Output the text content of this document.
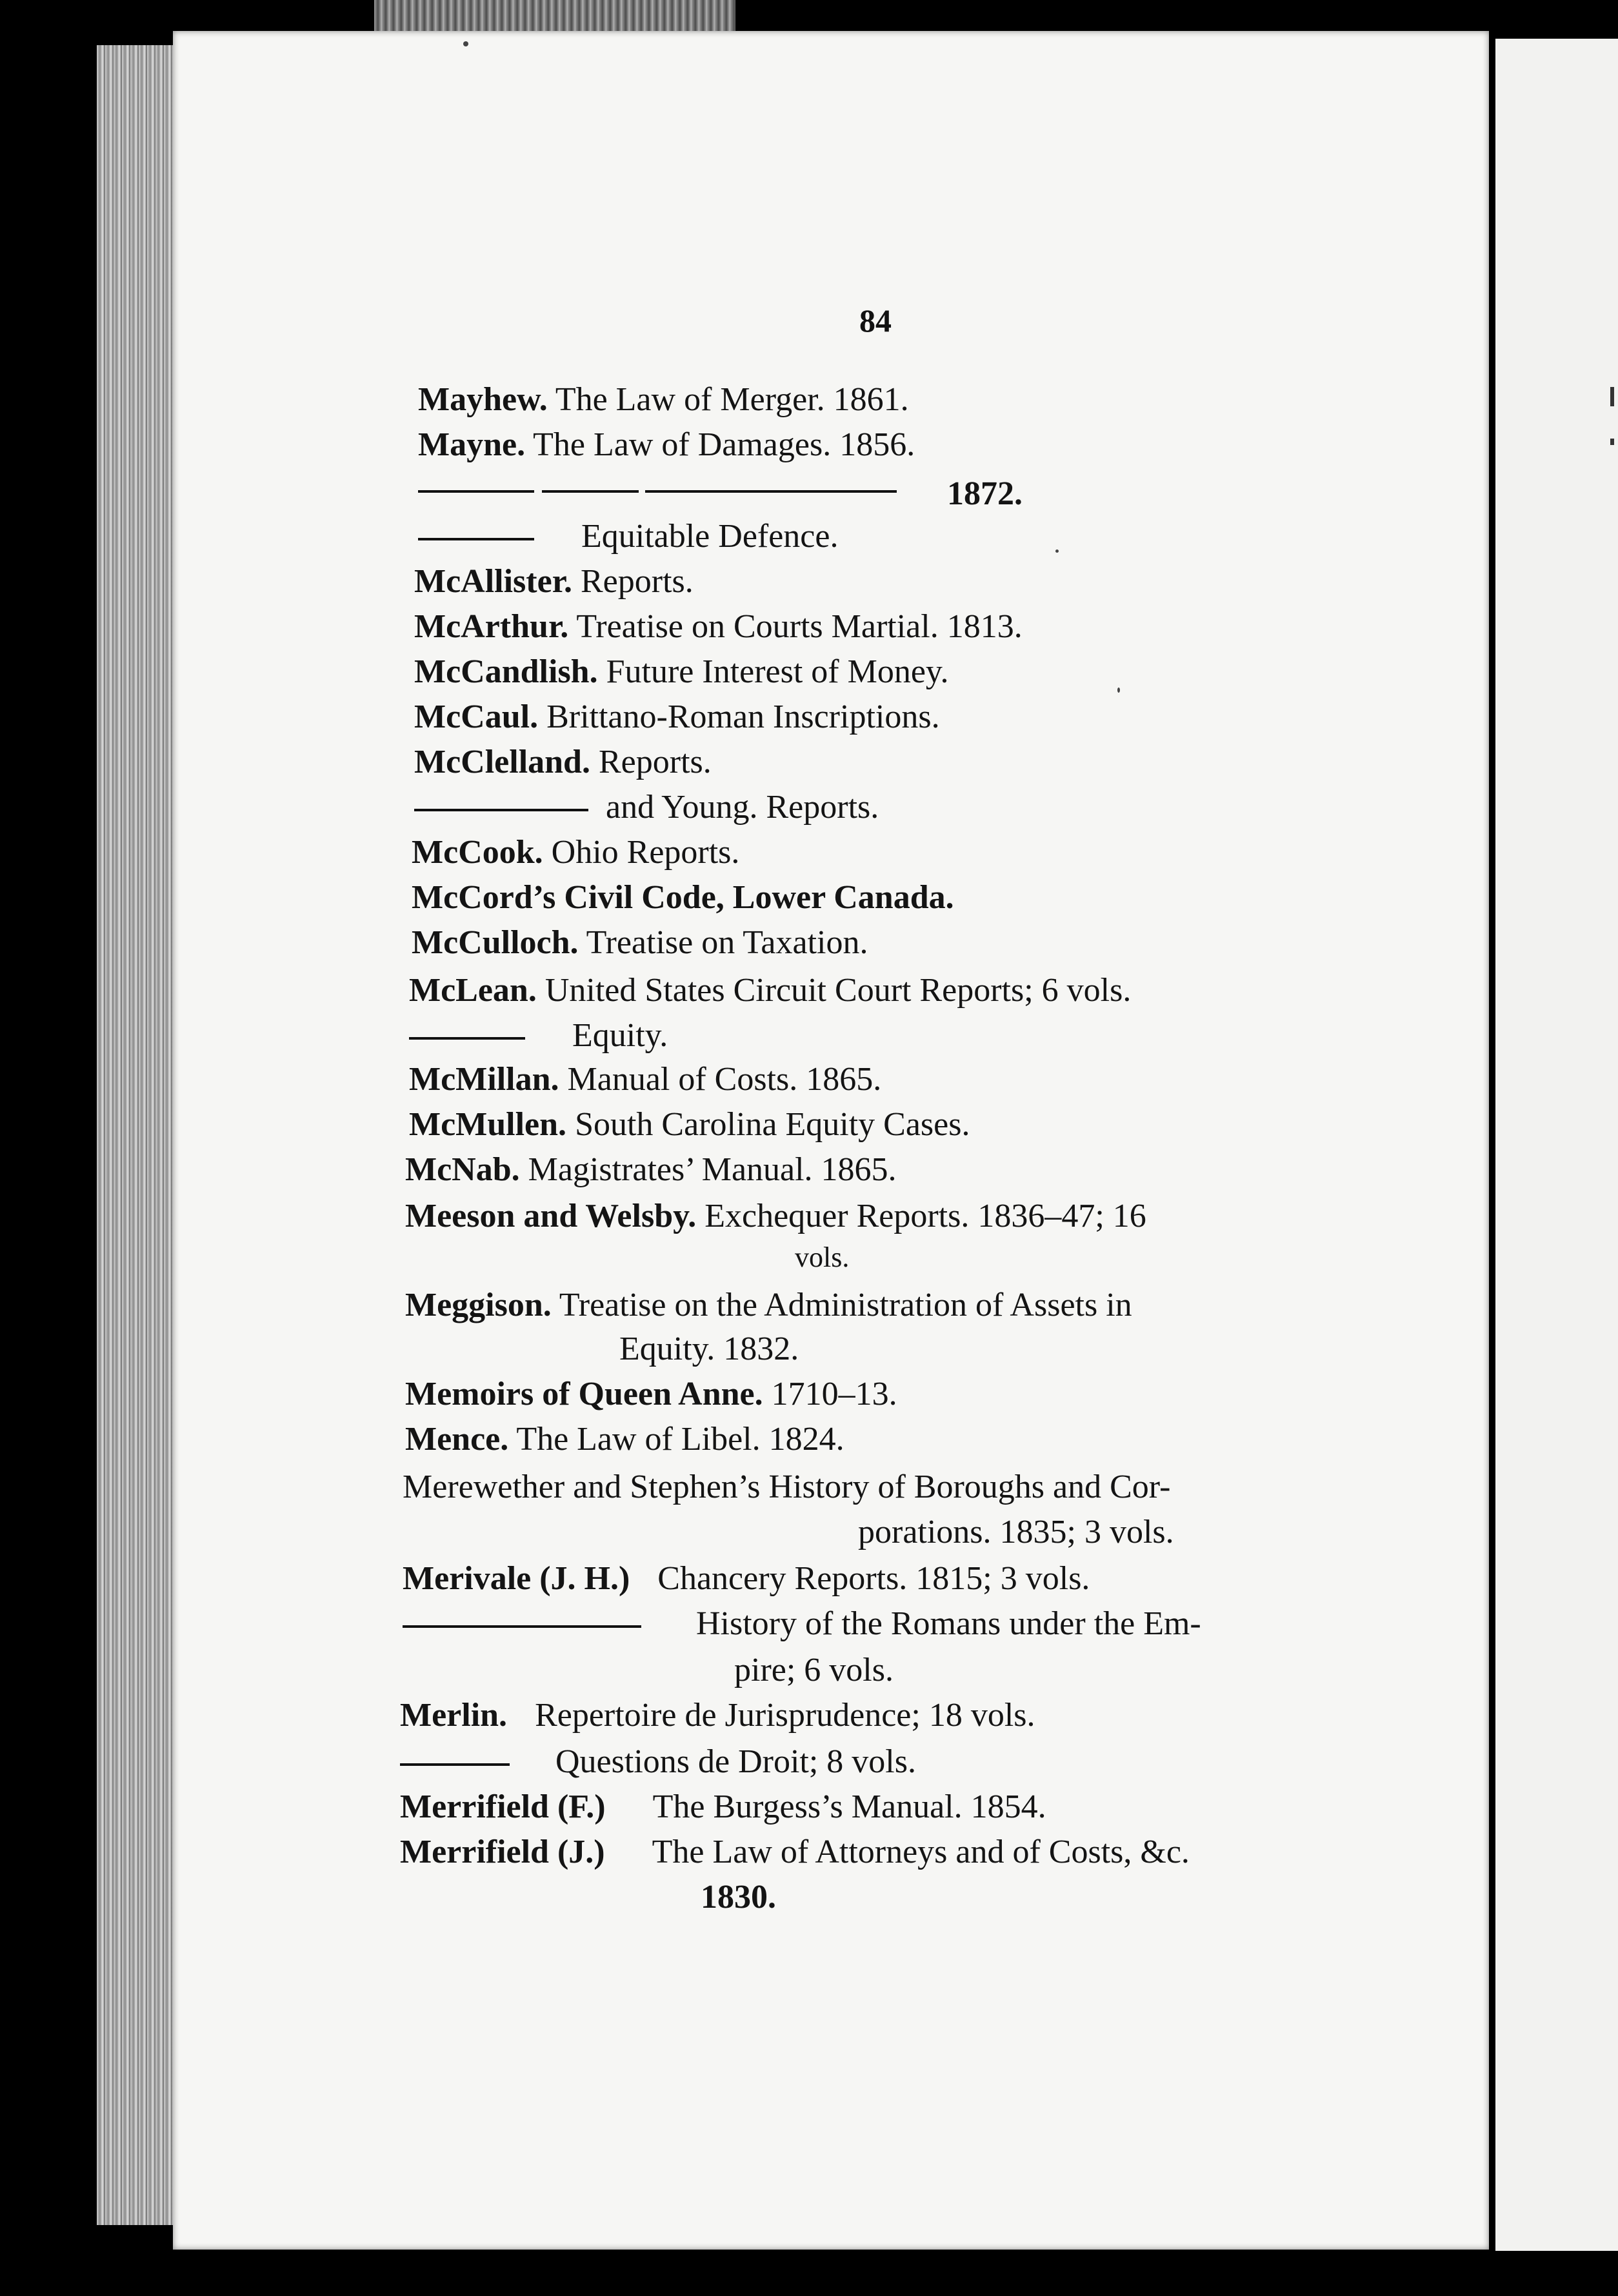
84
Mayhew. The Law of Merger. 1861.
Mayne. The Law of Damages. 1856.
1872.
Equitable Defence.
McAllister. Reports.
McArthur. Treatise on Courts Martial. 1813.
McCandlish. Future Interest of Money.
McCaul. Brittano-Roman Inscriptions.
McClelland. Reports.
and Young. Reports.
McCook. Ohio Reports.
McCord’s Civil Code, Lower Canada.
McCulloch. Treatise on Taxation.
McLean. United States Circuit Court Reports; 6 vols.
Equity.
McMillan. Manual of Costs. 1865.
McMullen. South Carolina Equity Cases.
McNab. Magistrates’ Manual. 1865.
Meeson and Welsby. Exchequer Reports. 1836–47; 16
vols.
Meggison. Treatise on the Administration of Assets in
Equity. 1832.
Memoirs of Queen Anne. 1710–13.
Mence. The Law of Libel. 1824.
Merewether and Stephen’s History of Boroughs and Cor-
porations. 1835; 3 vols.
Merivale (J. H.) Chancery Reports. 1815; 3 vols.
History of the Romans under the Em-
pire; 6 vols.
Merlin. Repertoire de Jurisprudence; 18 vols.
Questions de Droit; 8 vols.
Merrifield (F.) The Burgess’s Manual. 1854.
Merrifield (J.) The Law of Attorneys and of Costs, &c.
1830.
